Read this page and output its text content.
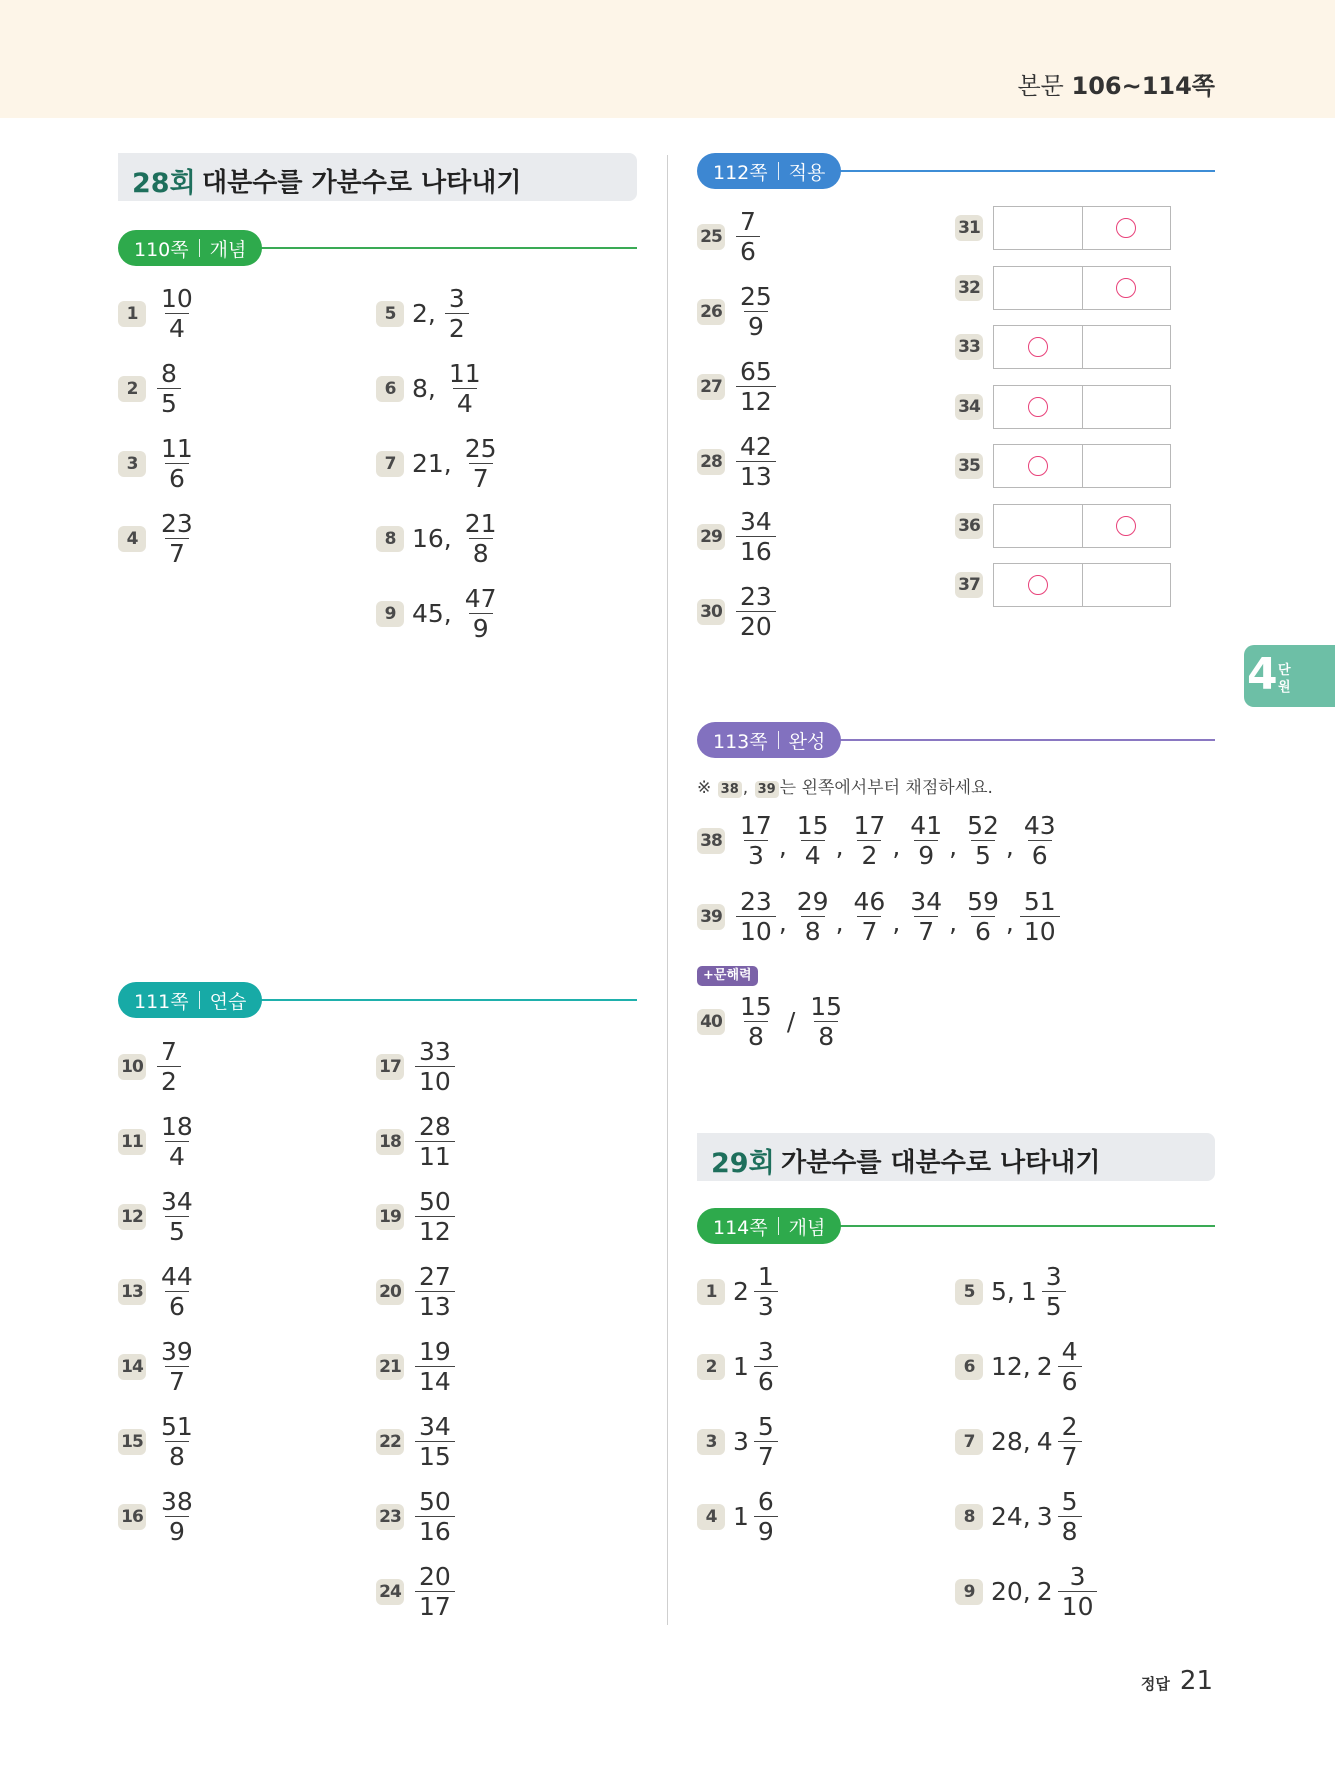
본문 106~114쪽
28회 대분수를 가분수로 나타내기
110쪽 개념
111쪽 연습
112쪽 적용
113쪽 완성
$1 \frac{10}{4}$
$2 \frac{8}{5}$
$3 \frac{11}{6}$
$4 \frac{23}{7}$
5 2, $\frac{3}{2}$
6 8, $\frac{11}{4}$
7 21, $\frac{25}{7}$
8 16, $\frac{21}{8}$
9 45, $\frac{47}{9}$
$10 \frac{7}{2}$
$11 \frac{18}{4}$
$12 \frac{34}{5}$
$13 \frac{44}{6}$
$14 \frac{39}{7}$
$15 \frac{51}{8}$
$16 \frac{38}{9}$
$17 \frac{33}{10}$
$18 \frac{28}{11}$
$19 \frac{50}{12}$
$20 \frac{27}{13}$
$21 \frac{19}{14}$
$22 \frac{34}{15}$
$23 \frac{50}{16}$
$24 \frac{20}{17}$
$25 \frac{7}{6}$
$26 \frac{25}{9}$
$27 \frac{65}{12}$
$28 \frac{42}{13}$
$29 \frac{34}{16}$
$30 \frac{23}{20}$
31
32
33
34
35
36
37
※ 38 , 39 는 왼쪽에서부터 채점하세요.
$38 \frac{17}{3}$ , $\frac{15}{4}$ , $\frac{17}{2}$ , $\frac{41}{9}$ , $\frac{52}{5}$ , $\frac{43}{6}$
$39 \frac{23}{10}$ , $\frac{29}{8}$ , $\frac{46}{7}$ , $\frac{34}{7}$ , $\frac{59}{6}$ , $\frac{51}{10}$
+문해력
$40 \frac{15}{8} / \frac{15}{8}$
29회 가분수를 대분수로 나타내기
114쪽 개념
1 $2 \frac{1}{3}$
2 $1 \frac{3}{6}$
3 $3 \frac{5}{7}$
4 $1 \frac{6}{9}$
5 5, $1 \frac{3}{5}$
6 12, $2 \frac{4}{6}$
7 28, $4 \frac{2}{7}$
8 24, $3 \frac{5}{8}$
9 20, $2 \frac{3}{10}$
4 단
원
정답 21
